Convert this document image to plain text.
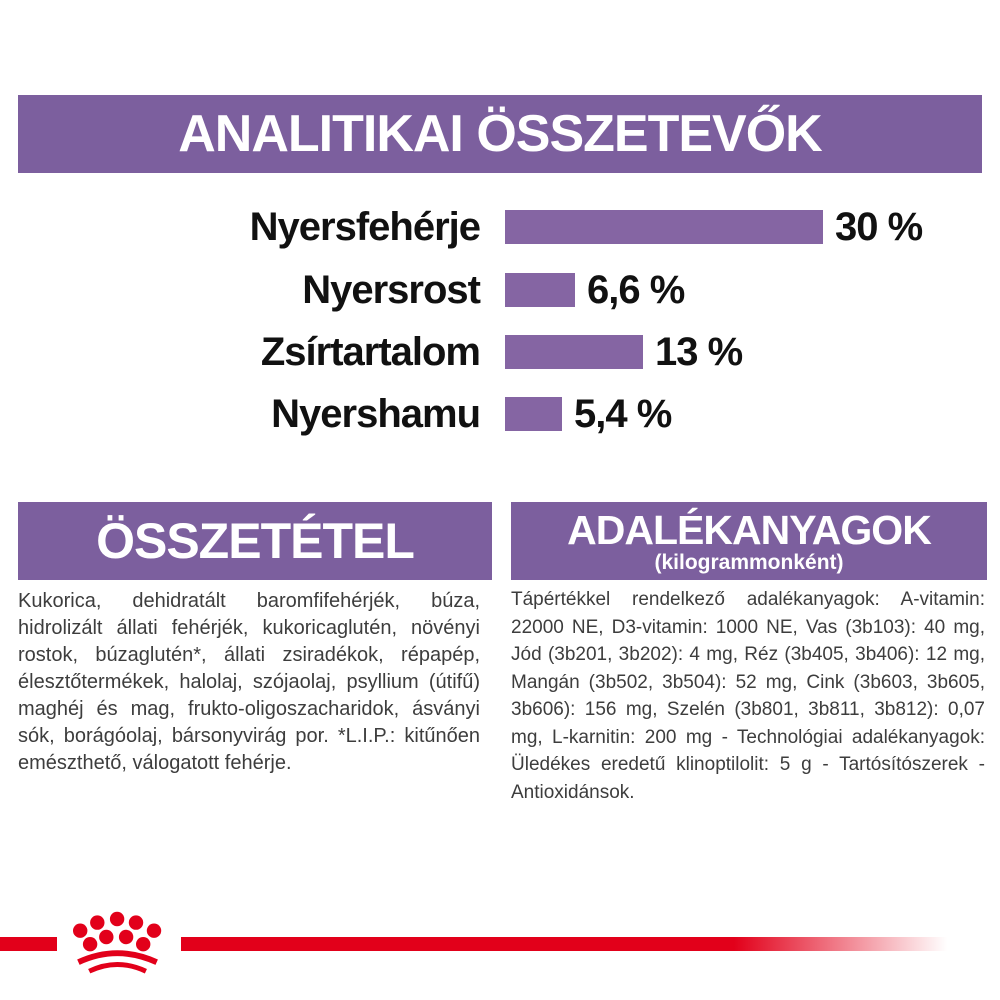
ANALITIKAI ÖSSZETEVŐK
Nyersfehérje	30 %
Nyersrost	6,6 %
Zsírtartalom	13 %
Nyershamu 5,4 %
ÖSSZETÉTEL

Kukorica, dehidratált baromfifehérjék, búza, hidrolizált állati fehérjék, kukoricaglutén, növényi rostok, búzaglutén*, állati zsiradékok, répapép, élesztőtermékek, halolaj, szójaolaj, psyllium (útifű) maghéj és mag, frukto-oligoszacharidok, ásványi sók, borágóolaj, bársonyvirág por. *L.I.P.: kitűnően emészthető, válogatott fehérje.

ADALÉKANYAGOK
(kilogrammonként)

Tápértékkel rendelkező adalékanyagok: A-vitamin: 22000 NE, D3-vitamin: 1000 NE, Vas (3b103): 40 mg, Jód (3b201, 3b202): 4 mg, Réz (3b405, 3b406): 12 mg, Mangán (3b502, 3b504): 52 mg, Cink (3b603, 3b605, 3b606): 156 mg, Szelén (3b801, 3b811, 3b812): 0,07 mg, L-karnitin: 200 mg - Technológiai adalékanyagok: Üledékes eredetű klinoptilolit: 5 g - Tartósítószerek - Antioxidánsok.
